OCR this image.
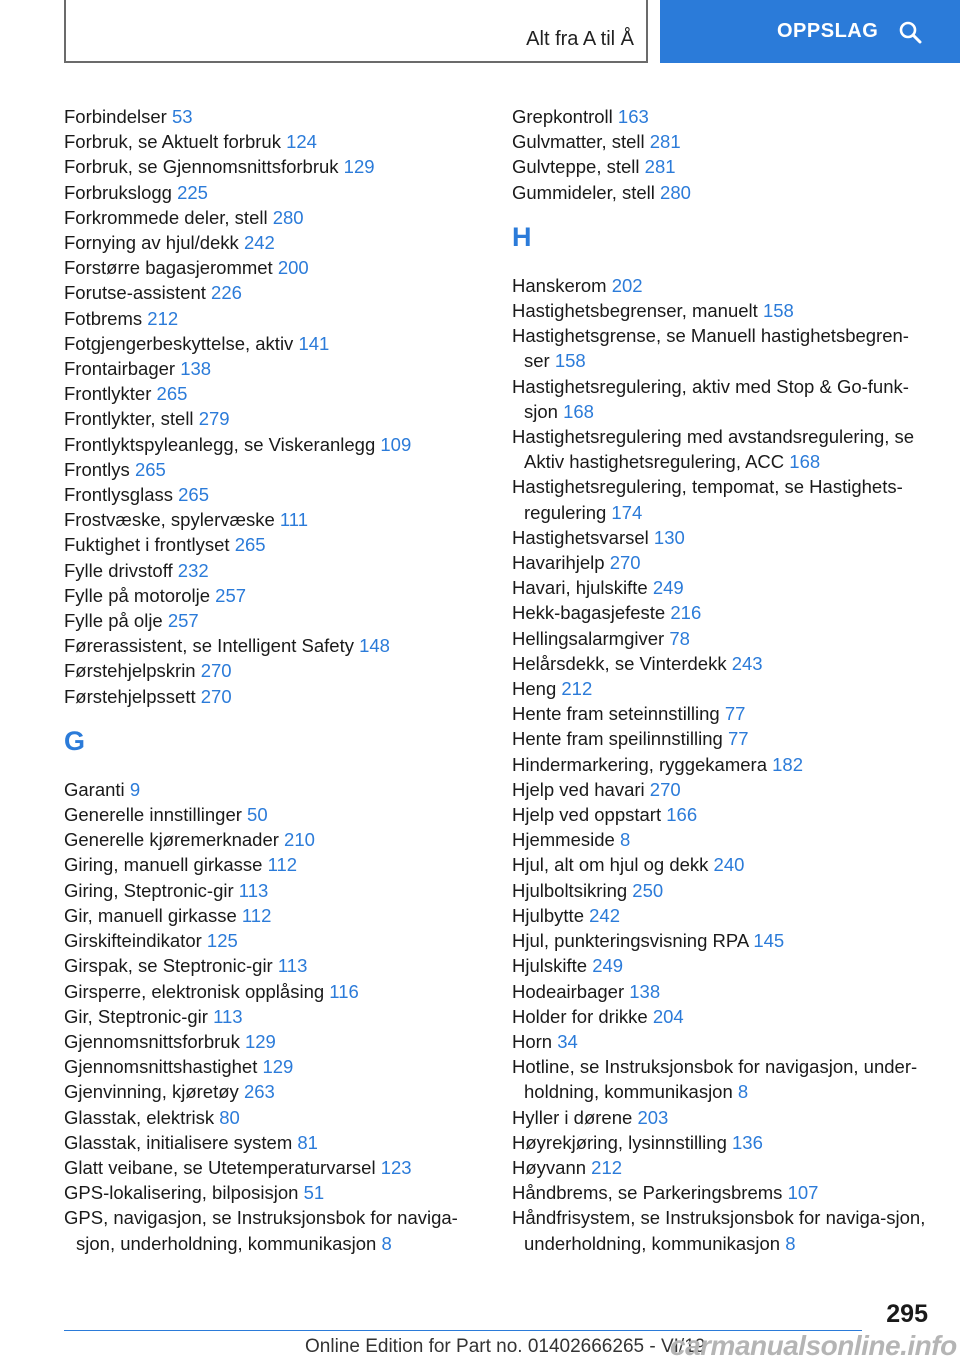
Alt fra A til Å	OPPSLAG
Forbindelser 53
Forbruk, se Aktuelt forbruk 124
Forbruk, se Gjennomsnittsforbruk 129
Forbrukslogg 225
Forkrommede deler, stell 280
Fornying av hjul/dekk 242
Forstørre bagasjerommet 200
Forutse-assistent 226
Fotbrems 212
Fotgjengerbeskyttelse, aktiv 141
Frontairbager 138
Frontlykter 265
Frontlykter, stell 279
Frontlyktspyleanlegg, se Viskeranlegg 109
Frontlys 265
Frontlysglass 265
Frostvæske, spylervæske 111
Fuktighet i frontlyset 265
Fylle drivstoff 232
Fylle på motorolje 257
Fylle på olje 257
Førerassistent, se Intelligent Safety 148
Førstehjelpskrin 270
Førstehjelpssett 270
G
Garanti 9
Generelle innstillinger 50
Generelle kjøremerknader 210
Giring, manuell girkasse 112
Giring, Steptronic-gir 113
Gir, manuell girkasse 112
Girskifteindikator 125
Girspak, se Steptronic-gir 113
Girsperre, elektronisk opplåsing 116
Gir, Steptronic-gir 113
Gjennomsnittsforbruk 129
Gjennomsnittshastighet 129
Gjenvinning, kjøretøy 263
Glasstak, elektrisk 80
Glasstak, initialisere system 81
Glatt veibane, se Utetemperaturvarsel 123
GPS-lokalisering, bilposisjon 51
GPS, navigasjon, se Instruksjonsbok for naviga-sjon, underholdning, kommunikasjon 8
Grepkontroll 163
Gulvmatter, stell 281
Gulvteppe, stell 281
Gummideler, stell 280
H
Hanskerom 202
Hastighetsbegrenser, manuelt 158
Hastighetsgrense, se Manuell hastighetsbegren-ser 158
Hastighetsregulering, aktiv med Stop & Go-funk-sjon 168
Hastighetsregulering med avstandsregulering, se Aktiv hastighetsregulering, ACC 168
Hastighetsregulering, tempomat, se Hastighets-regulering 174
Hastighetsvarsel 130
Havarihjelp 270
Havari, hjulskifte 249
Hekk-bagasjefeste 216
Hellingsalarmgiver 78
Helårsdekk, se Vinterdekk 243
Heng 212
Hente fram seteinnstilling 77
Hente fram speilinnstilling 77
Hindermarkering, ryggekamera 182
Hjelp ved havari 270
Hjelp ved oppstart 166
Hjemmeside 8
Hjul, alt om hjul og dekk 240
Hjulboltsikring 250
Hjulbytte 242
Hjul, punkteringsvisning RPA 145
Hjulskifte 249
Hodeairbager 138
Holder for drikke 204
Horn 34
Hotline, se Instruksjonsbok for navigasjon, under-holdning, kommunikasjon 8
Hyller i dørene 203
Høyrekjøring, lysinnstilling 136
Høyvann 212
Håndbrems, se Parkeringsbrems 107
Håndfrisystem, se Instruksjonsbok for naviga-sjon, underholdning, kommunikasjon 8
295
Online Edition for Part no. 01402666265 - VI/19
carmanualsonline.info
